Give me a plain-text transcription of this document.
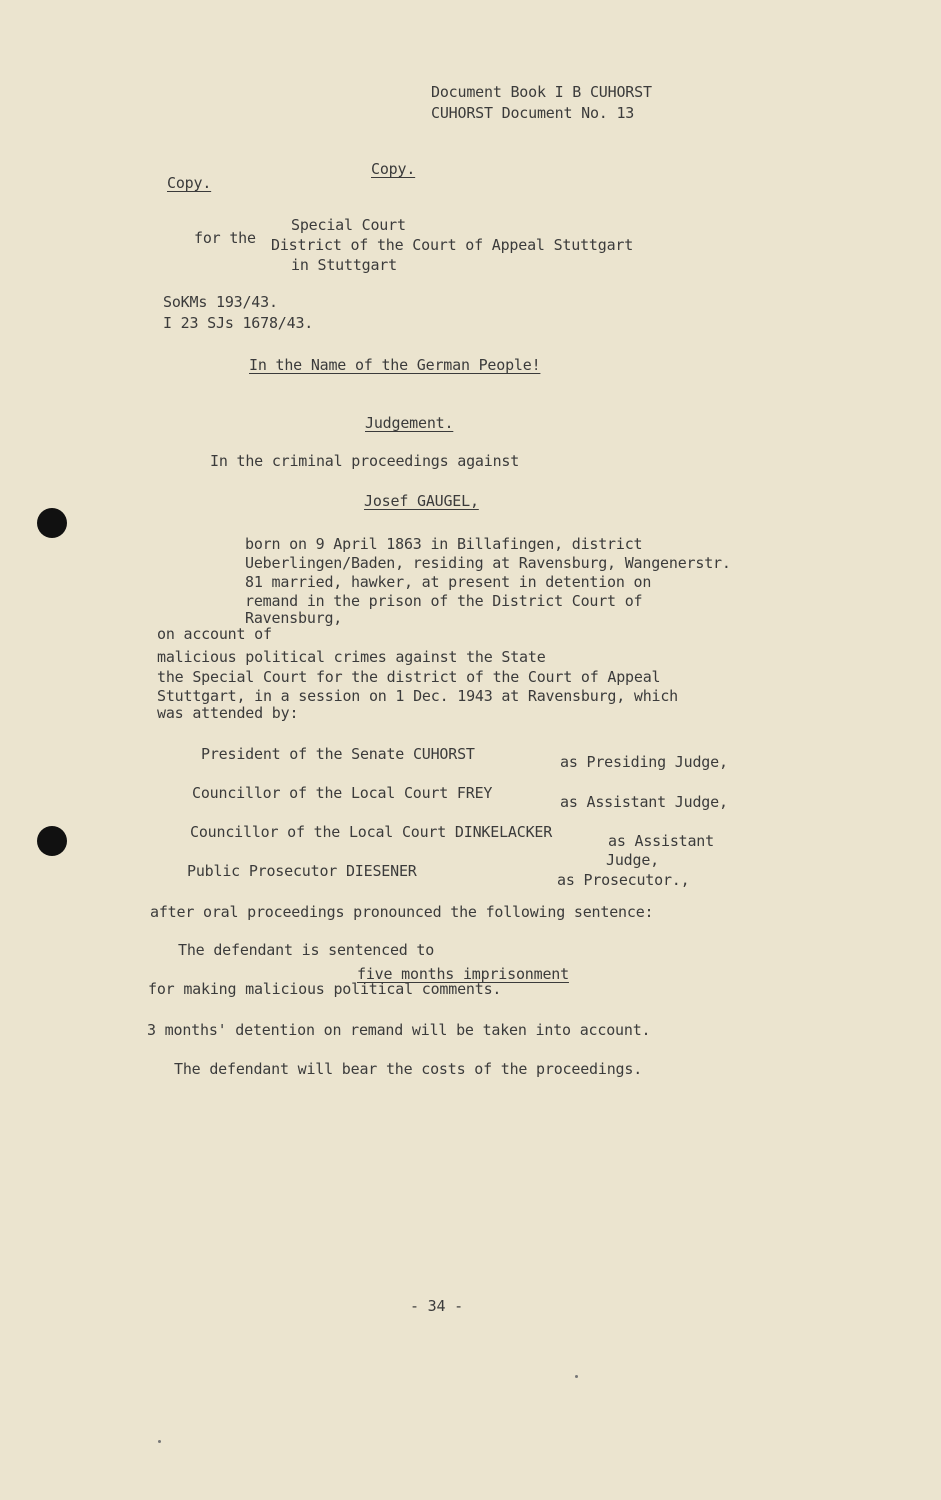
Document Book I B CUHORST
CUHORST Document No. 13
Copy.
Copy.
Special Court
for the District of the Court of Appeal Stuttgart
in Stuttgart
SoKMs 193/43.
I 23 SJs 1678/43.
In the Name of the German People!
Judgement.
In the criminal proceedings against
Josef GAUGEL,
born on 9 April 1863 in Billafingen, district
Ueberlingen/Baden, residing at Ravensburg, Wangenerstr.
81 married, hawker, at present in detention on
remand in the prison of the District Court of
Ravensburg,
on account of
malicious political crimes against the State
the Special Court for the district of the Court of Appeal
Stuttgart, in a session on 1 Dec. 1943 at Ravensburg, which
was attended by:
President of the Senate CUHORST	as Presiding Judge,
Councillor of the Local Court FREY	as Assistant Judge,
Councillor of the Local Court DINKELACKER	as Assistant
Judge,
Public Prosecutor DIESENER	as Prosecutor.,
after oral proceedings pronounced the following sentence:
The defendant is sentenced to
five months imprisonment
for making malicious political comments.
3 months' detention on remand will be taken into account.
The defendant will bear the costs of the proceedings.
- 34 -
